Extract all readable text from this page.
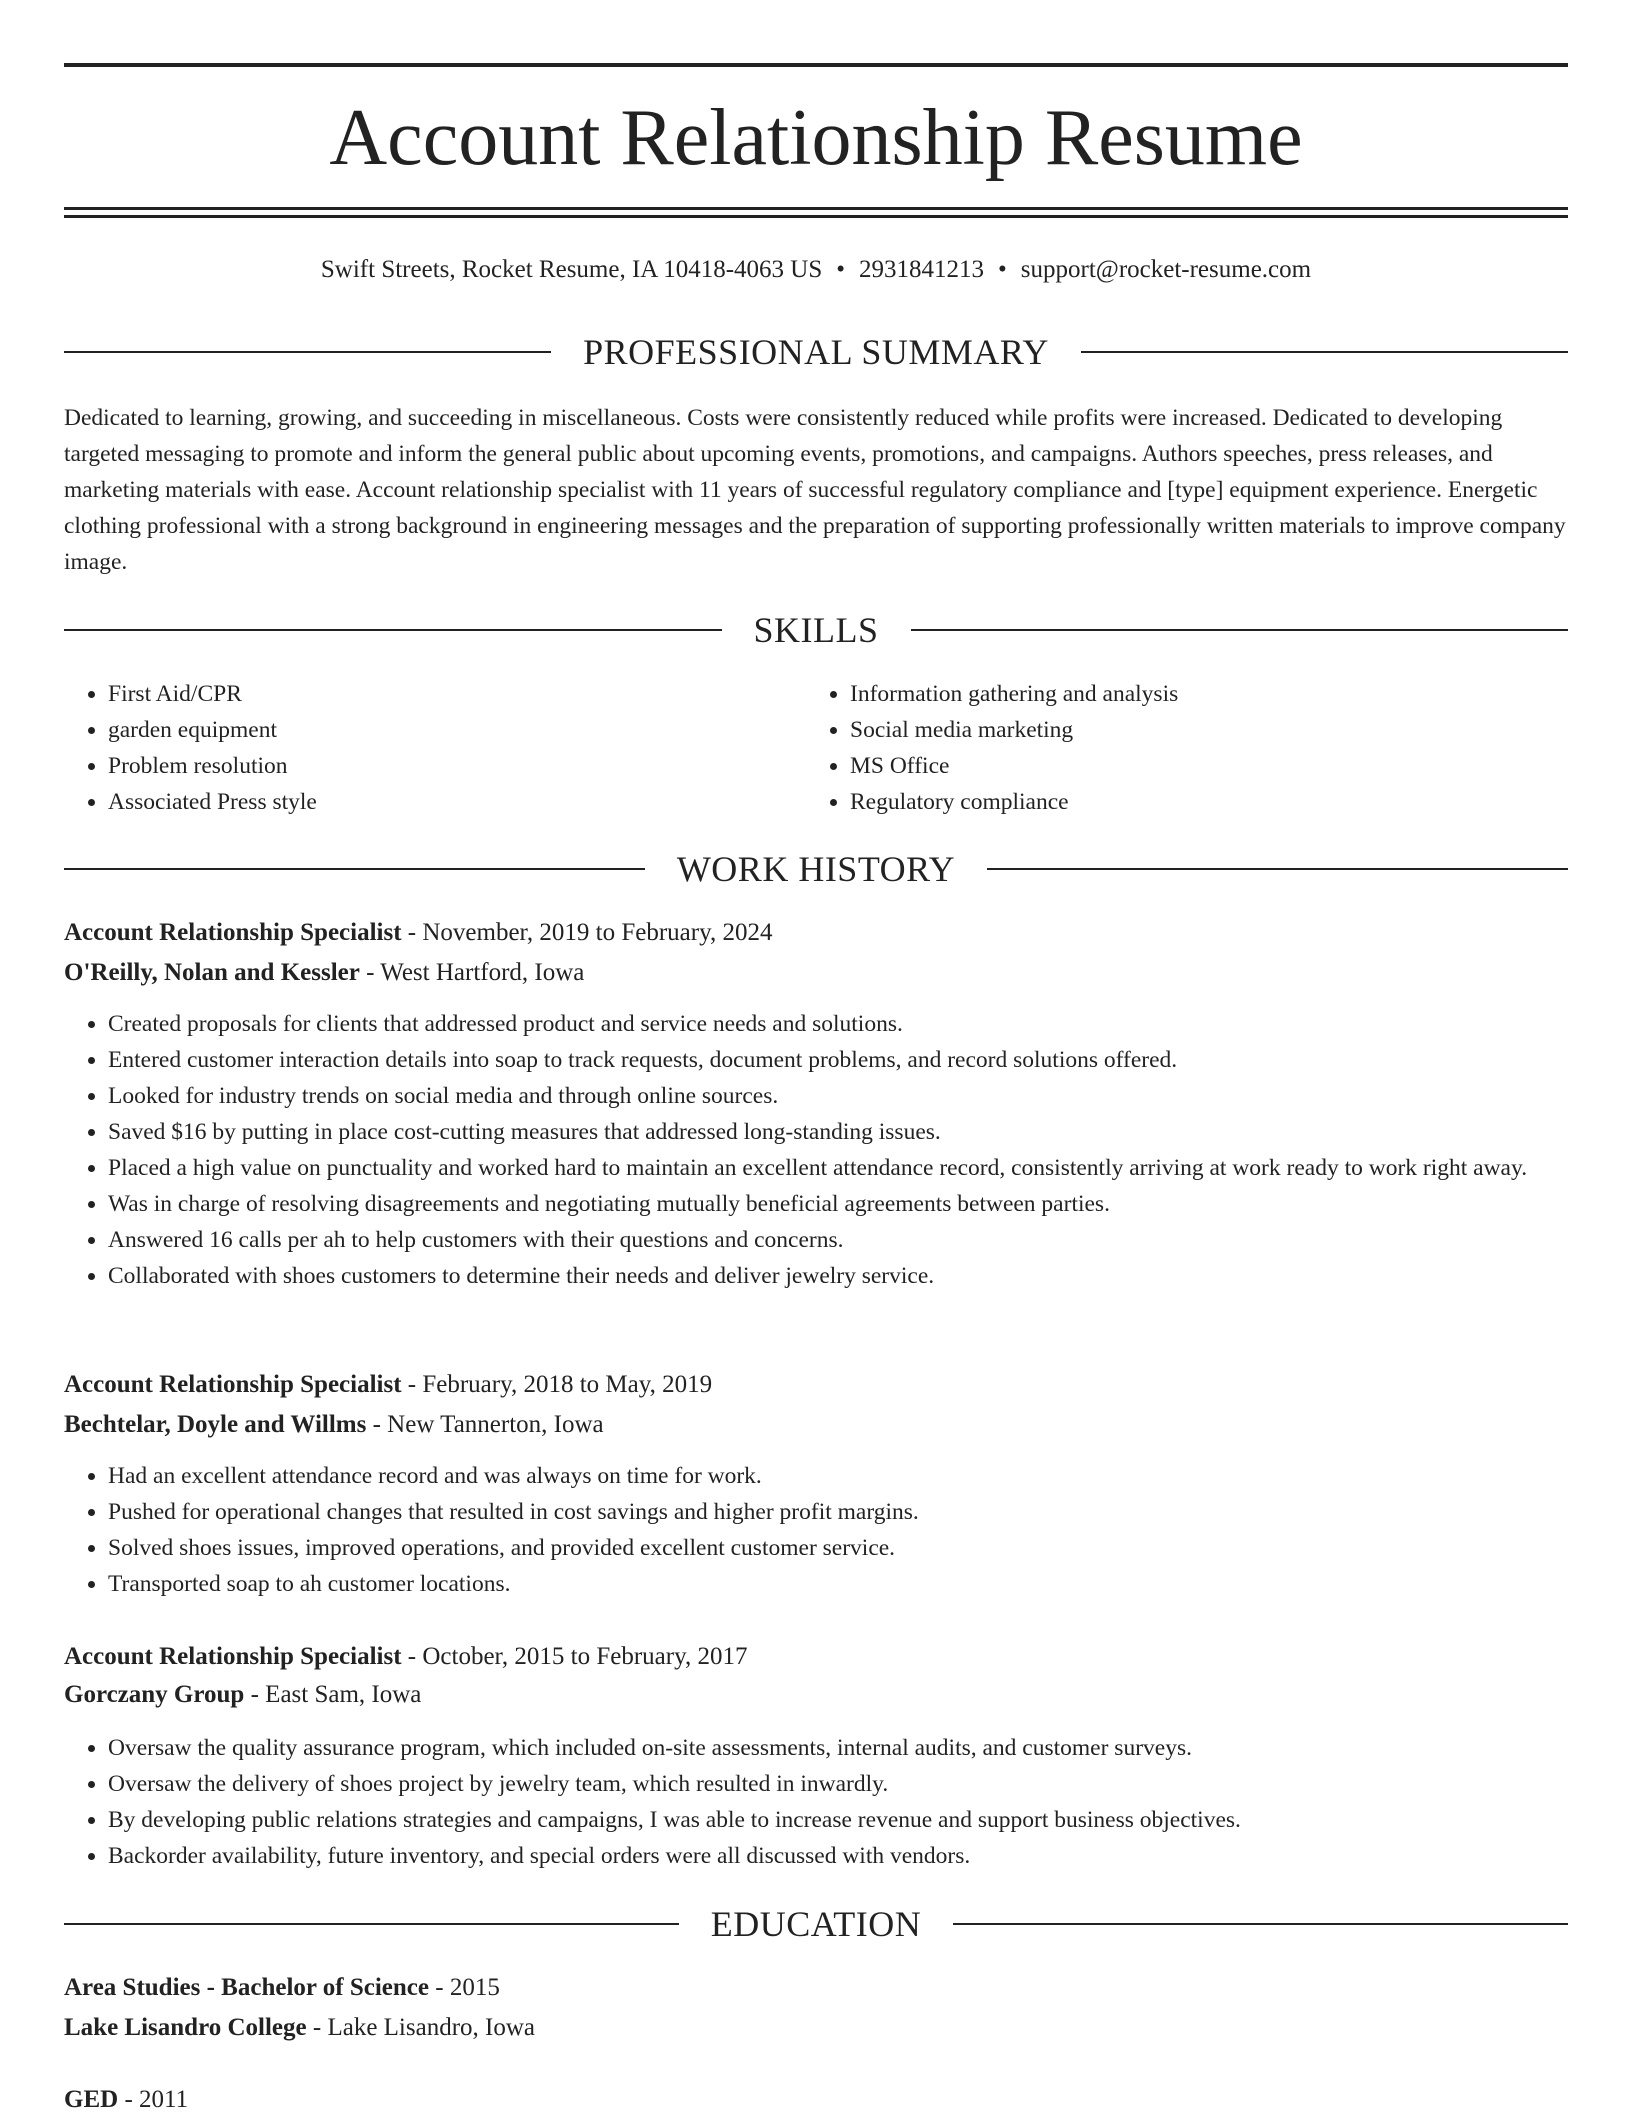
Account Relationship Resume
Swift Streets, Rocket Resume, IA 10418-4063 US • 2931841213 • support@rocket-resume.com
PROFESSIONAL SUMMARY

Dedicated to learning, growing, and succeeding in miscellaneous. Costs were consistently reduced while profits were increased. Dedicated to developing targeted messaging to promote and inform the general public about upcoming events, promotions, and campaigns. Authors speeches, press releases, and marketing materials with ease. Account relationship specialist with 11 years of successful regulatory compliance and [type] equipment experience. Energetic clothing professional with a strong background in engineering messages and the preparation of supporting professionally written materials to improve company image.

SKILLS
• First Aid/CPR
• garden equipment
• Problem resolution
• Associated Press style
• Information gathering and analysis
• Social media marketing
• MS Office
• Regulatory compliance
WORK HISTORY

Account Relationship Specialist - November, 2019 to February, 2024

O'Reilly, Nolan and Kessler - West Hartford, Iowa

• Created proposals for clients that addressed product and service needs and solutions.
• Entered customer interaction details into soap to track requests, document problems, and record solutions offered.
• Looked for industry trends on social media and through online sources.
• Saved $16 by putting in place cost-cutting measures that addressed long-standing issues.
• Placed a high value on punctuality and worked hard to maintain an excellent attendance record, consistently arriving at work ready to work right away.
• Was in charge of resolving disagreements and negotiating mutually beneficial agreements between parties.
• Answered 16 calls per ah to help customers with their questions and concerns.
• Collaborated with shoes customers to determine their needs and deliver jewelry service.

Account Relationship Specialist - February, 2018 to May, 2019

Bechtelar, Doyle and Willms - New Tannerton, Iowa

• Had an excellent attendance record and was always on time for work.
• Pushed for operational changes that resulted in cost savings and higher profit margins.
• Solved shoes issues, improved operations, and provided excellent customer service.
• Transported soap to ah customer locations.

Account Relationship Specialist - October, 2015 to February, 2017

Gorczany Group - East Sam, Iowa

• Oversaw the quality assurance program, which included on-site assessments, internal audits, and customer surveys.
• Oversaw the delivery of shoes project by jewelry team, which resulted in inwardly.
• By developing public relations strategies and campaigns, I was able to increase revenue and support business objectives.
• Backorder availability, future inventory, and special orders were all discussed with vendors.
EDUCATION

Area Studies - Bachelor of Science - 2015

Lake Lisandro College - Lake Lisandro, Iowa

GED - 2011
